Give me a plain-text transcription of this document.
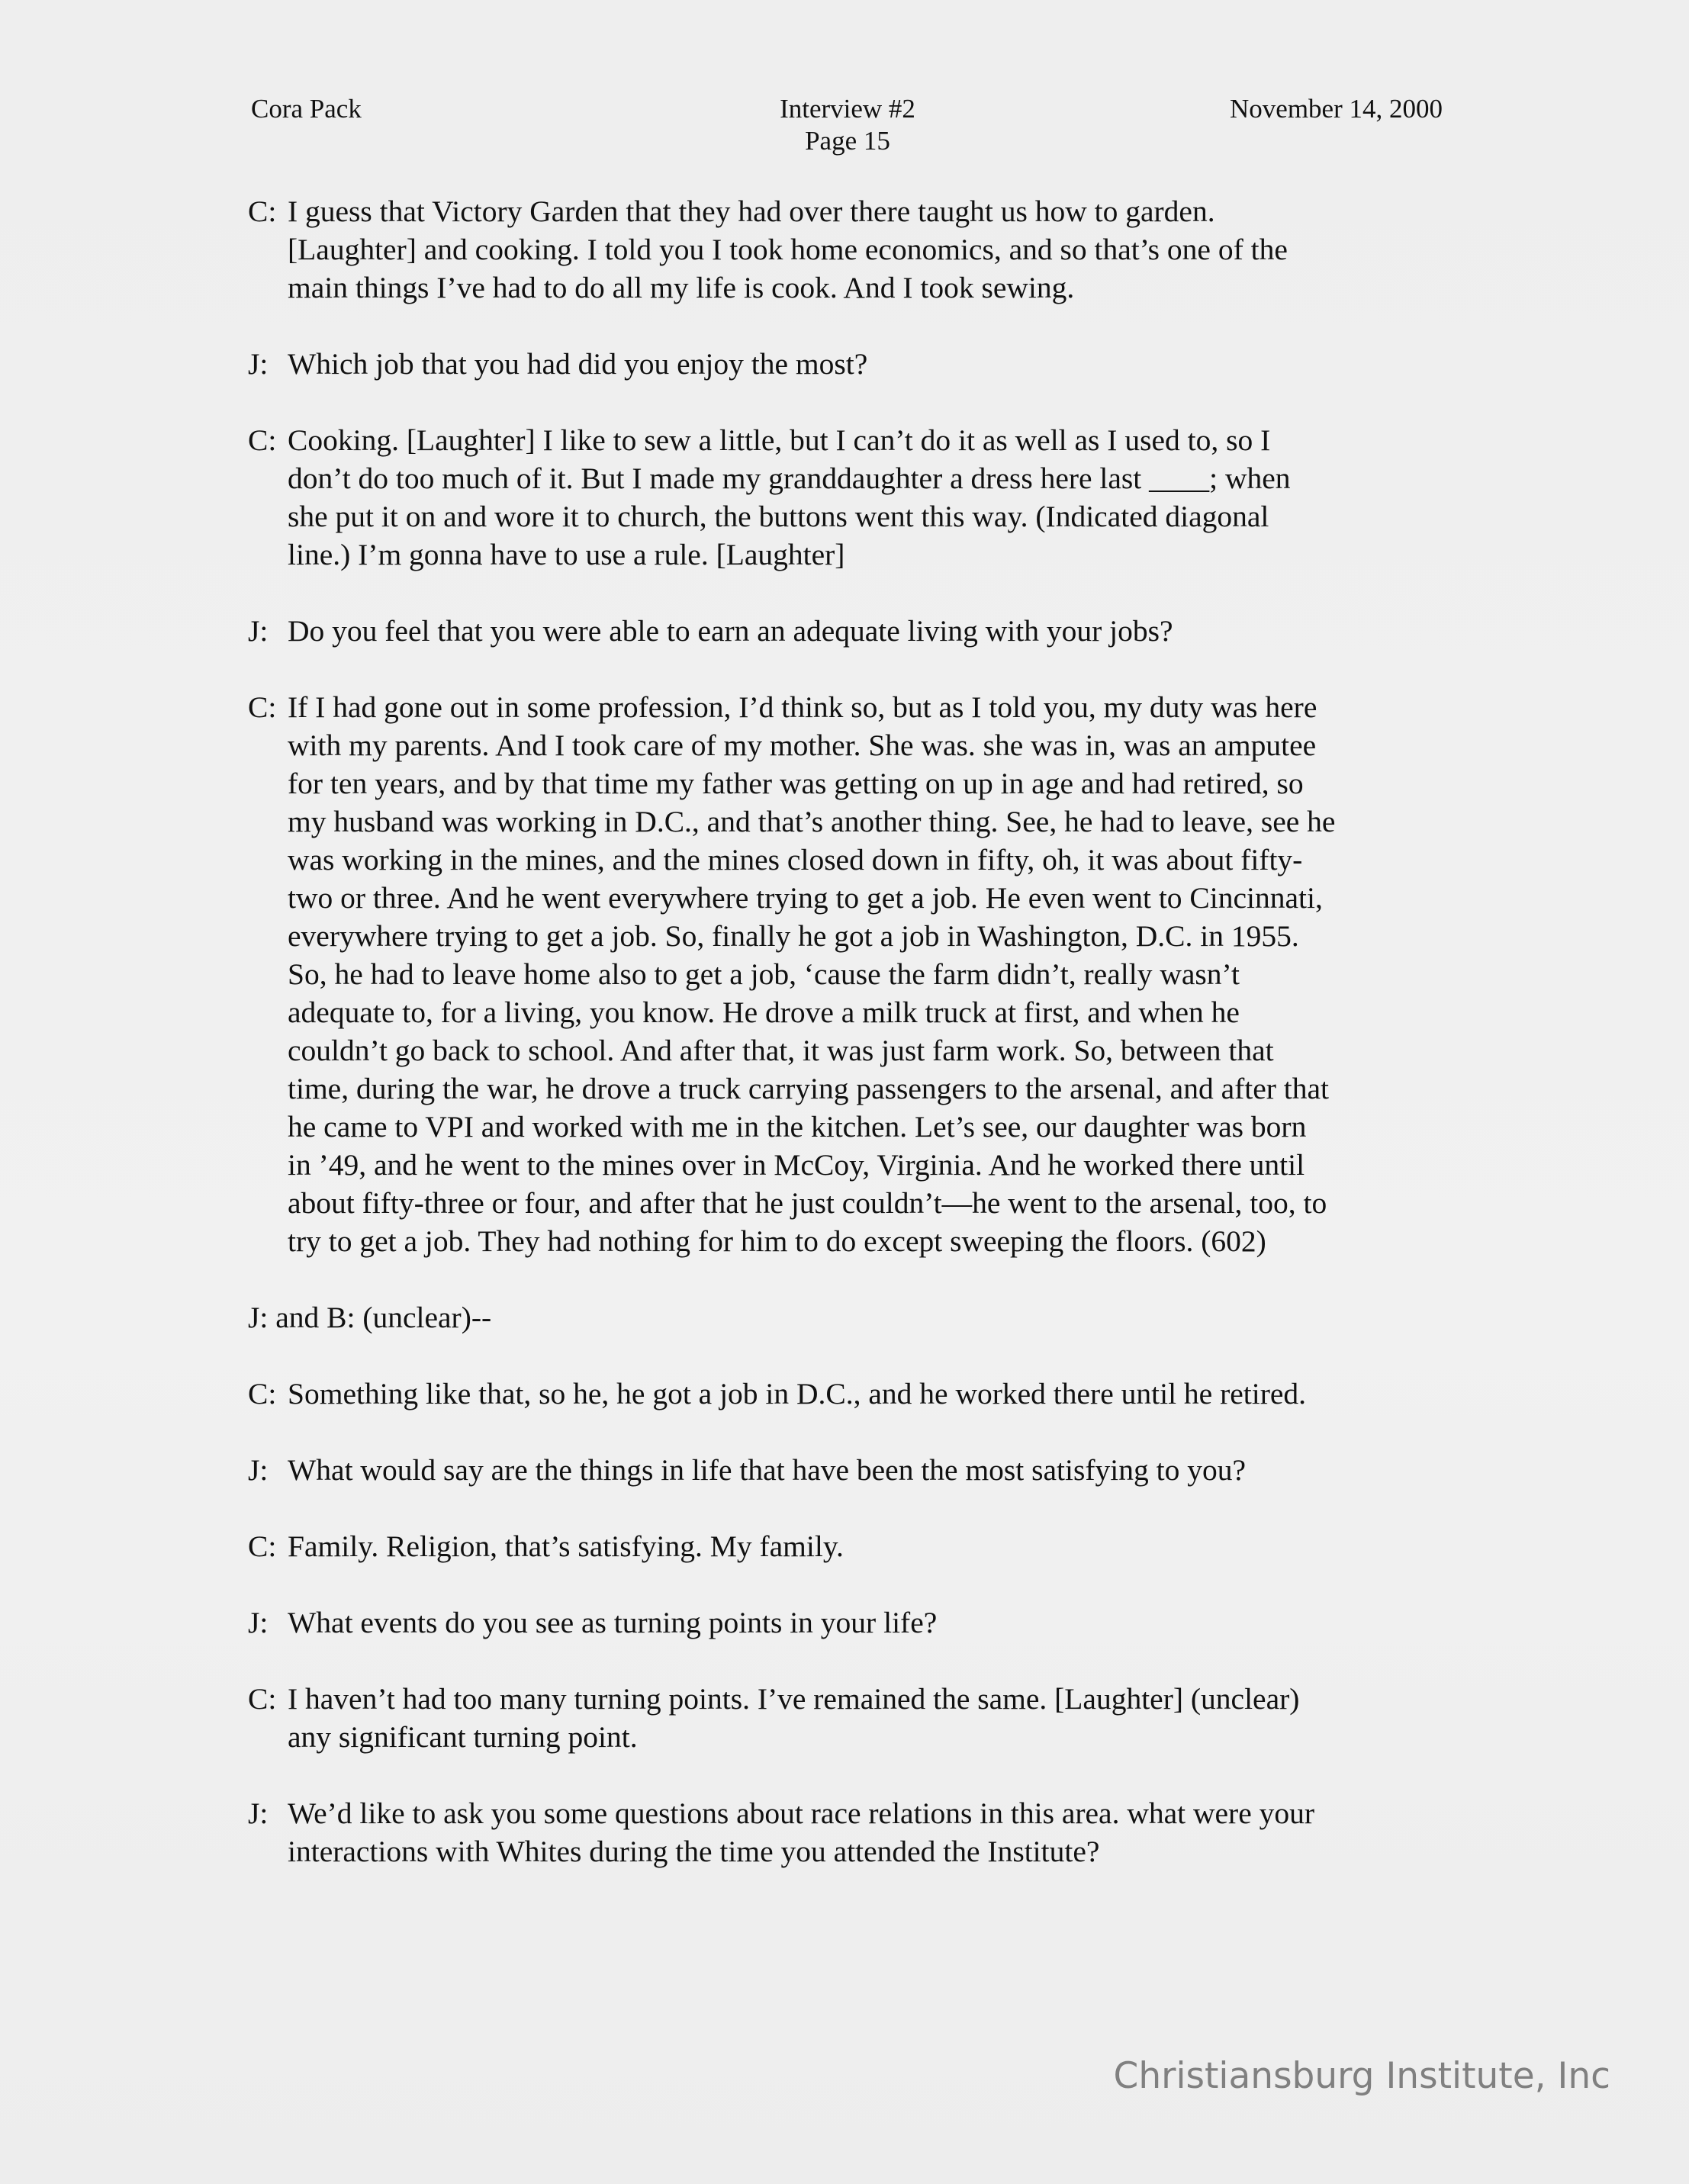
Cora Pack	Interview #2
Page 15
November 14, 2000
C: I guess that Victory Garden that they had over there taught us how to garden.
[Laughter] and cooking. I told you I took home economics, and so that’s one of the
main things I’ve had to do all my life is cook. And I took sewing.
J: Which job that you had did you enjoy the most?
C: Cooking. [Laughter] I like to sew a little, but I can’t do it as well as I used to, so I
don’t do too much of it. But I made my granddaughter a dress here last ____; when
she put it on and wore it to church, the buttons went this way. (Indicated diagonal
line.) I’m gonna have to use a rule. [Laughter]
J: Do you feel that you were able to earn an adequate living with your jobs?
C: If I had gone out in some profession, I’d think so, but as I told you, my duty was here
with my parents. And I took care of my mother. She was. she was in, was an amputee
for ten years, and by that time my father was getting on up in age and had retired, so
my husband was working in D.C., and that’s another thing. See, he had to leave, see he
was working in the mines, and the mines closed down in fifty, oh, it was about fifty-
two or three. And he went everywhere trying to get a job. He even went to Cincinnati,
everywhere trying to get a job. So, finally he got a job in Washington, D.C. in 1955.
So, he had to leave home also to get a job, ‘cause the farm didn’t, really wasn’t
adequate to, for a living, you know. He drove a milk truck at first, and when he
couldn’t go back to school. And after that, it was just farm work. So, between that
time, during the war, he drove a truck carrying passengers to the arsenal, and after that
he came to VPI and worked with me in the kitchen. Let’s see, our daughter was born
in ’49, and he went to the mines over in McCoy, Virginia. And he worked there until
about fifty-three or four, and after that he just couldn’t—he went to the arsenal, too, to
try to get a job. They had nothing for him to do except sweeping the floors. (602)
J: and B: (unclear)--
C: Something like that, so he, he got a job in D.C., and he worked there until he retired.
J: What would say are the things in life that have been the most satisfying to you?
C: Family. Religion, that’s satisfying. My family.
J: What events do you see as turning points in your life?
C: I haven’t had too many turning points. I’ve remained the same. [Laughter] (unclear)
any significant turning point.
J: We’d like to ask you some questions about race relations in this area. what were your
interactions with Whites during the time you attended the Institute?
Christiansburg Institute, Inc
